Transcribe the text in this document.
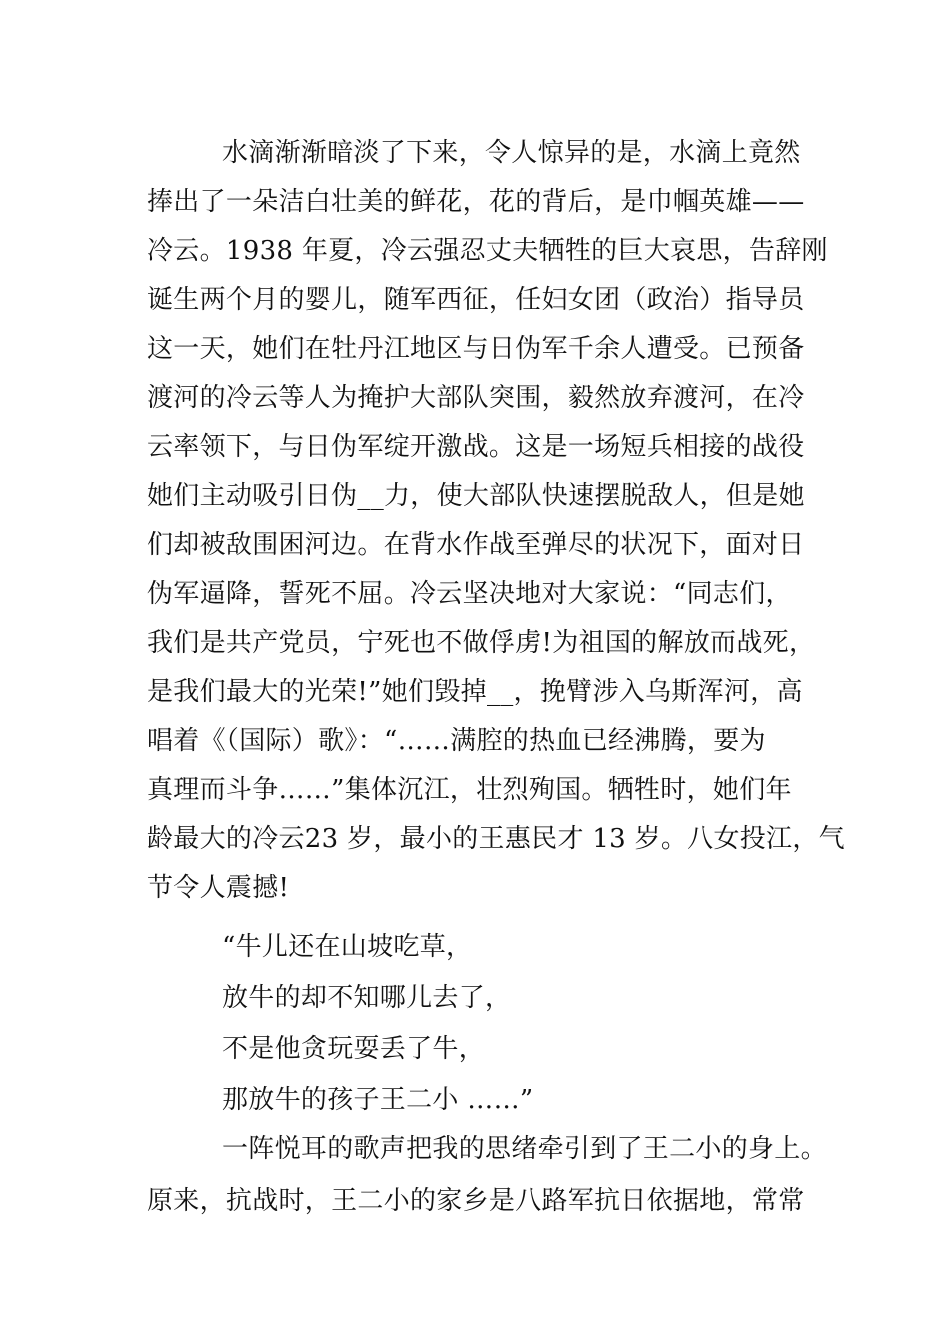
水滴渐渐暗淡了下来，令人惊异的是，水滴上竟然
捧出了一朵洁白壮美的鲜花，花的背后，是巾帼英雄——
冷云。1938 年夏，冷云强忍丈夫牺牲的巨大哀思，告辞刚
诞生两个月的婴儿，随军西征，任妇女团（政治）指导员
这一天，她们在牡丹江地区与日伪军千余人遭受。已预备
渡河的冷云等人为掩护大部队突围，毅然放弃渡河，在冷
云率领下，与日伪军绽开激战。这是一场短兵相接的战役
她们主动吸引日伪__力，使大部队快速摆脱敌人，但是她
们却被敌围困河边。在背水作战至弹尽的状况下，面对日
伪军逼降，誓死不屈。冷云坚决地对大家说：“同志们，
我们是共产党员，宁死也不做俘虏!为祖国的解放而战死，
是我们最大的光荣!”她们毁掉__，挽臂涉入乌斯浑河，高
唱着《（国际）歌》：“……满腔的热血已经沸腾，要为
真理而斗争……”集体沉江，壮烈殉国。牺牲时，她们年
龄最大的冷云23 岁，最小的王惠民才 13 岁。八女投江，气
节令人震撼!
“牛儿还在山坡吃草，
放牛的却不知哪儿去了，
不是他贪玩耍丢了牛，
那放牛的孩子王二小 ……”
一阵悦耳的歌声把我的思绪牵引到了王二小的身上。
原来，抗战时，王二小的家乡是八路军抗日依据地，常常
